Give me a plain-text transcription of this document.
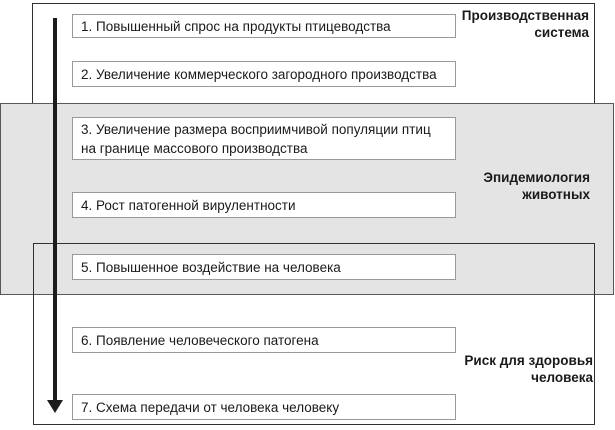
1. Повышенный спрос на продукты птицеводства
2. Увеличение коммерческого загородного производства
3. Увеличение размера восприимчивой популяции птиц на границе массового производства
4. Рост патогенной вирулентности
5. Повышенное воздействие на человека
6. Появление человеческого патогена
7. Схема передачи от человека человеку
Производственная система
Эпидемиология животных
Риск для здоровья человека
